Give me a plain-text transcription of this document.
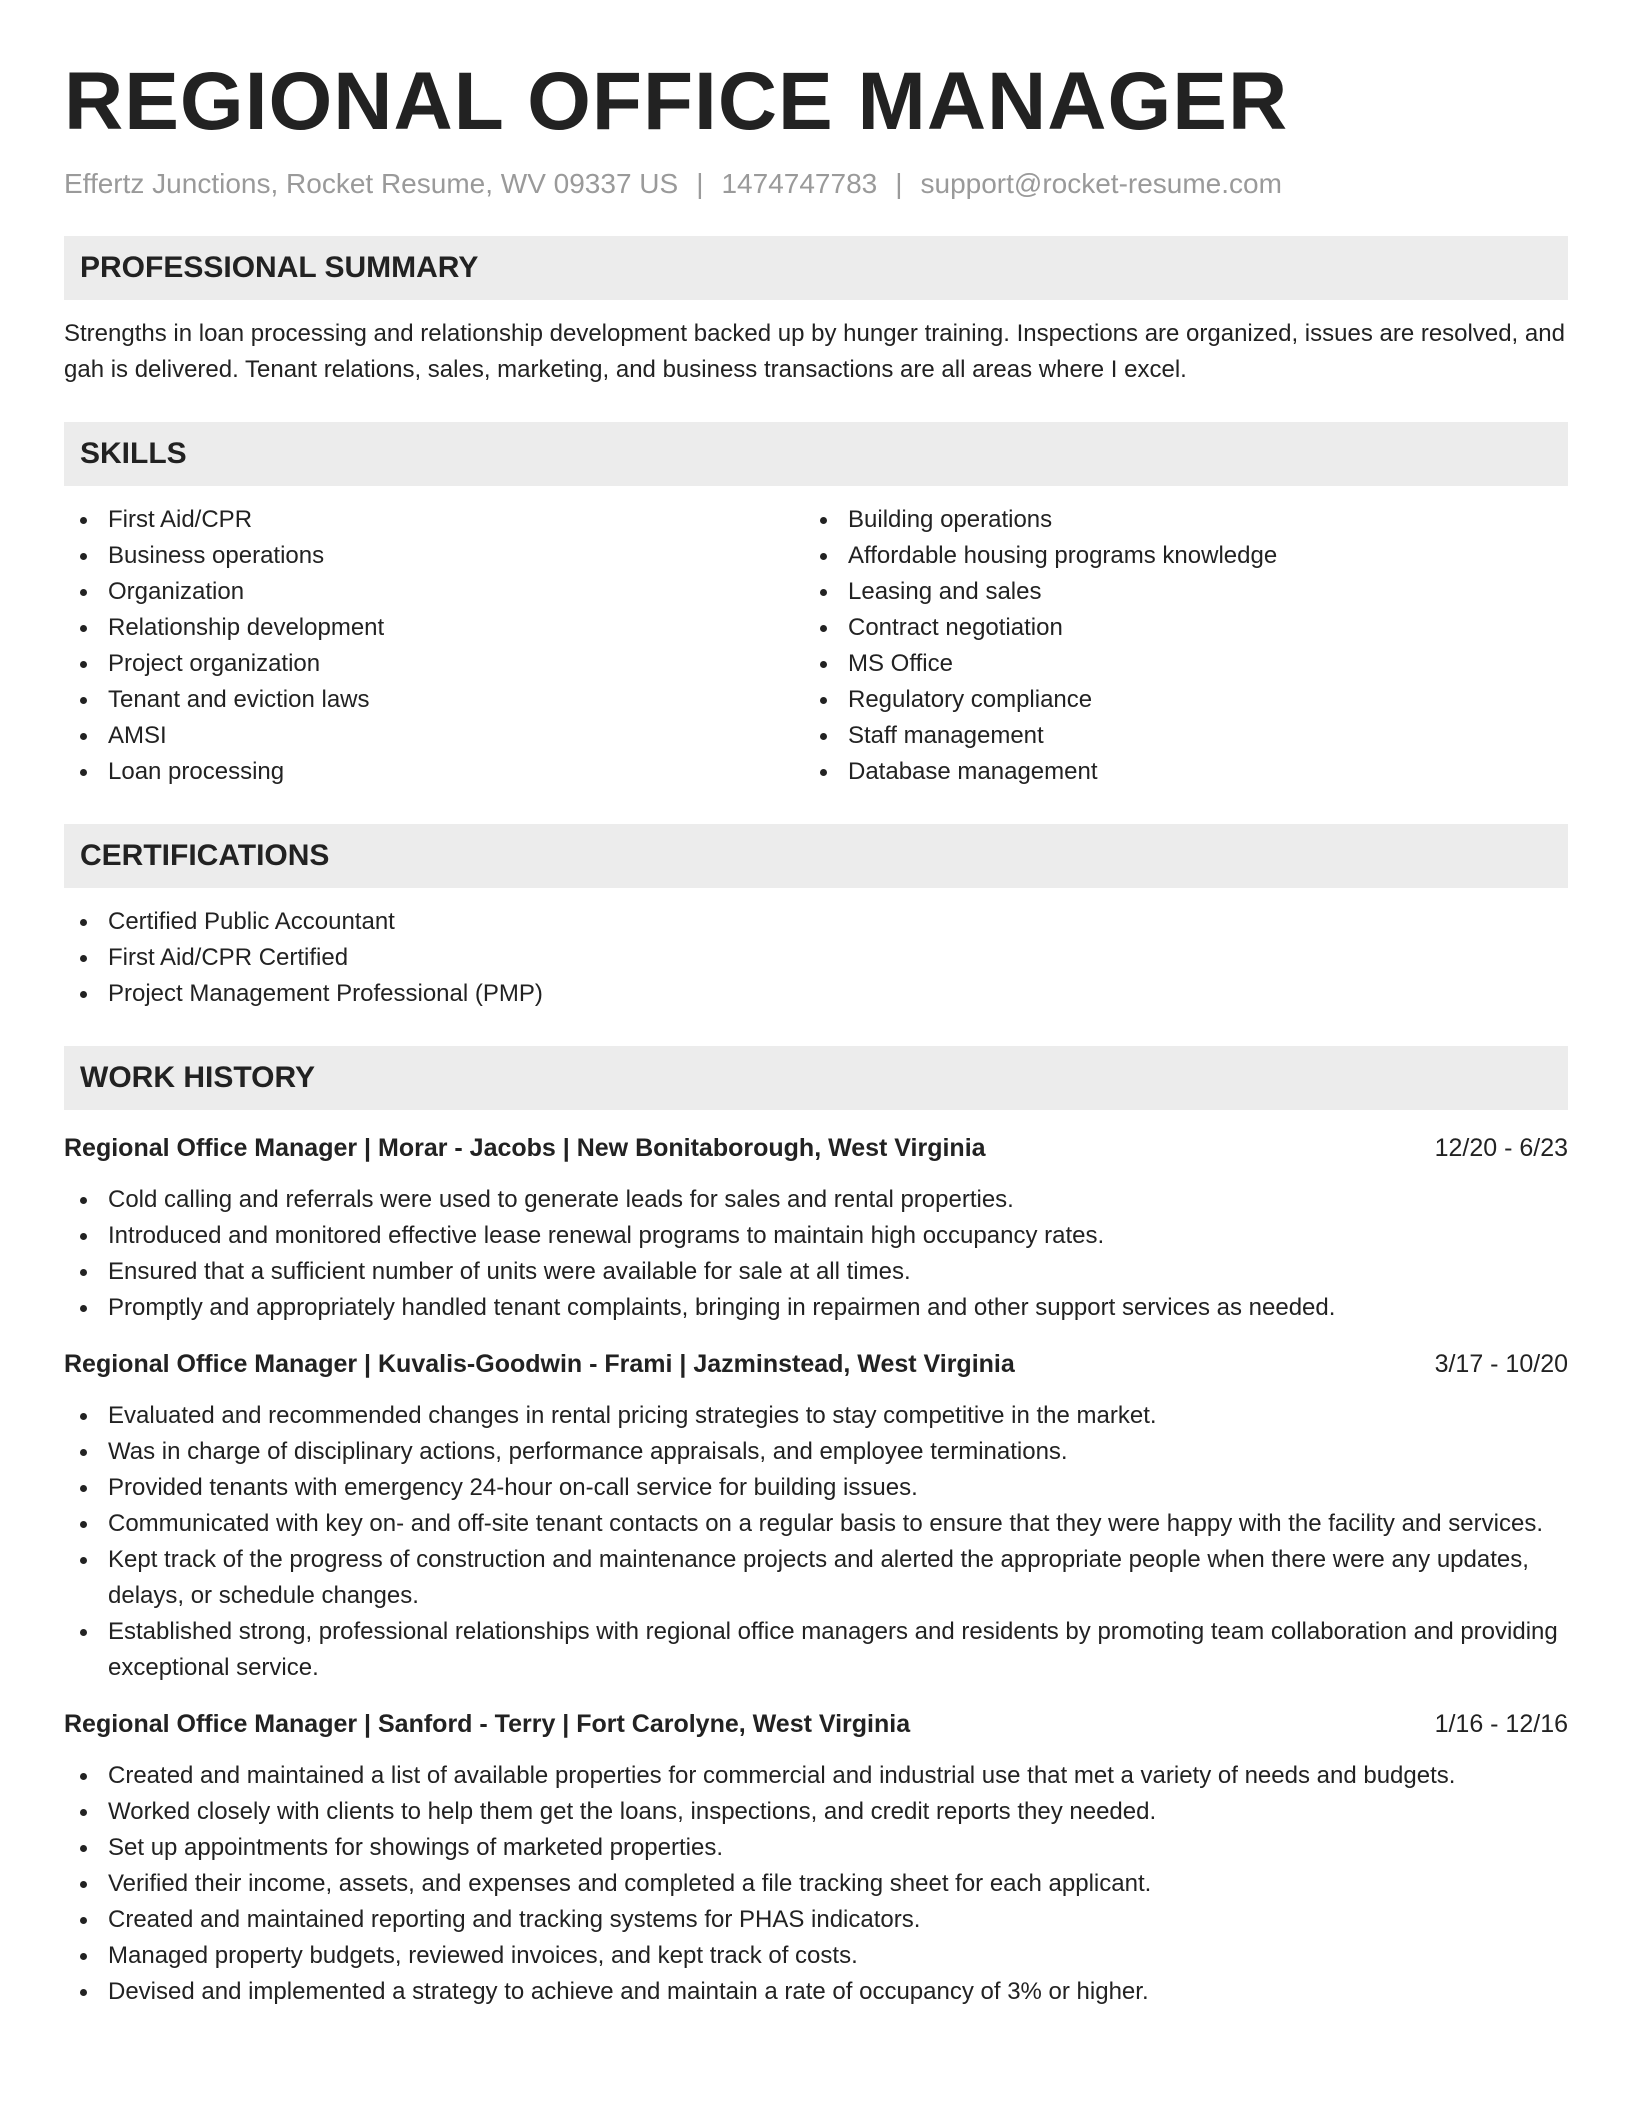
REGIONAL OFFICE MANAGER
Effertz Junctions, Rocket Resume, WV 09337 US | 1474747783 | support@rocket-resume.com
PROFESSIONAL SUMMARY
Strengths in loan processing and relationship development backed up by hunger training. Inspections are organized, issues are resolved, and gah is delivered. Tenant relations, sales, marketing, and business transactions are all areas where I excel.
SKILLS
First Aid/CPR
Business operations
Organization
Relationship development
Project organization
Tenant and eviction laws
AMSI
Loan processing
Building operations
Affordable housing programs knowledge
Leasing and sales
Contract negotiation
MS Office
Regulatory compliance
Staff management
Database management
CERTIFICATIONS
Certified Public Accountant
First Aid/CPR Certified
Project Management Professional (PMP)
WORK HISTORY
Regional Office Manager | Morar - Jacobs | New Bonitaborough, West Virginia	12/20 - 6/23
Cold calling and referrals were used to generate leads for sales and rental properties.
Introduced and monitored effective lease renewal programs to maintain high occupancy rates.
Ensured that a sufficient number of units were available for sale at all times.
Promptly and appropriately handled tenant complaints, bringing in repairmen and other support services as needed.
Regional Office Manager | Kuvalis-Goodwin - Frami | Jazminstead, West Virginia	3/17 - 10/20
Evaluated and recommended changes in rental pricing strategies to stay competitive in the market.
Was in charge of disciplinary actions, performance appraisals, and employee terminations.
Provided tenants with emergency 24-hour on-call service for building issues.
Communicated with key on- and off-site tenant contacts on a regular basis to ensure that they were happy with the facility and services.
Kept track of the progress of construction and maintenance projects and alerted the appropriate people when there were any updates, delays, or schedule changes.
Established strong, professional relationships with regional office managers and residents by promoting team collaboration and providing exceptional service.
Regional Office Manager | Sanford - Terry | Fort Carolyne, West Virginia	1/16 - 12/16
Created and maintained a list of available properties for commercial and industrial use that met a variety of needs and budgets.
Worked closely with clients to help them get the loans, inspections, and credit reports they needed.
Set up appointments for showings of marketed properties.
Verified their income, assets, and expenses and completed a file tracking sheet for each applicant.
Created and maintained reporting and tracking systems for PHAS indicators.
Managed property budgets, reviewed invoices, and kept track of costs.
Devised and implemented a strategy to achieve and maintain a rate of occupancy of 3% or higher.
